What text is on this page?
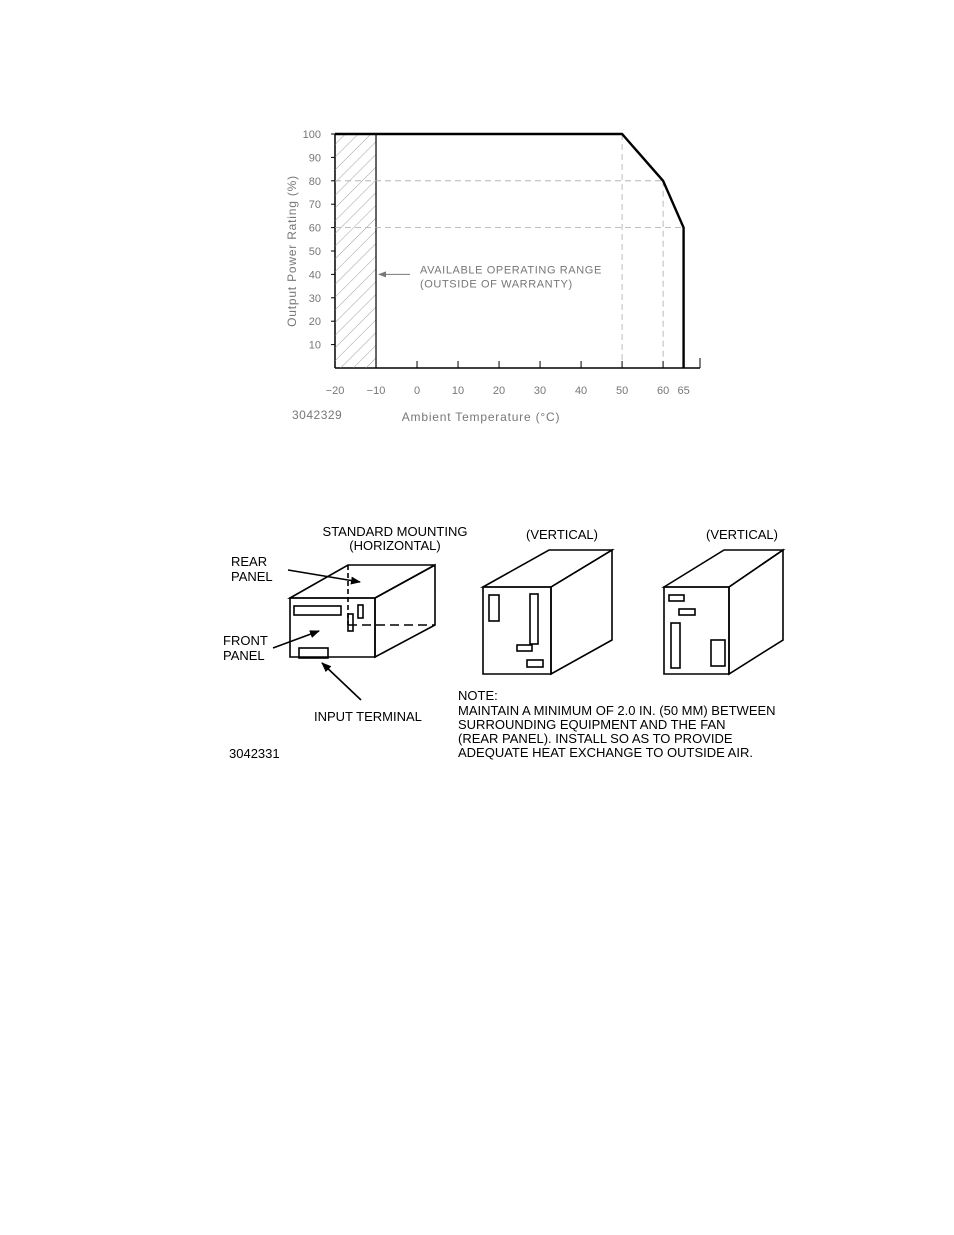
10
20
30
40
50
60
70
80
90
100
−20 −10	0	10	20	30	40	50	60 65
AVAILABLE OPERATING RANGE
(OUTSIDE OF WARRANTY)
Output Power Rating (%)
Ambient Temperature (°C)
3042329
STANDARD MOUNTING
(HORIZONTAL)
(VERTICAL)	(VERTICAL)
REAR
PANEL
FRONT
PANEL
INPUT TERMINAL
NOTE:
MAINTAIN A MINIMUM OF 2.0 IN. (50 MM) BETWEEN
SURROUNDING EQUIPMENT AND THE FAN
(REAR PANEL). INSTALL SO AS TO PROVIDE
ADEQUATE HEAT EXCHANGE TO OUTSIDE AIR.
3042331
